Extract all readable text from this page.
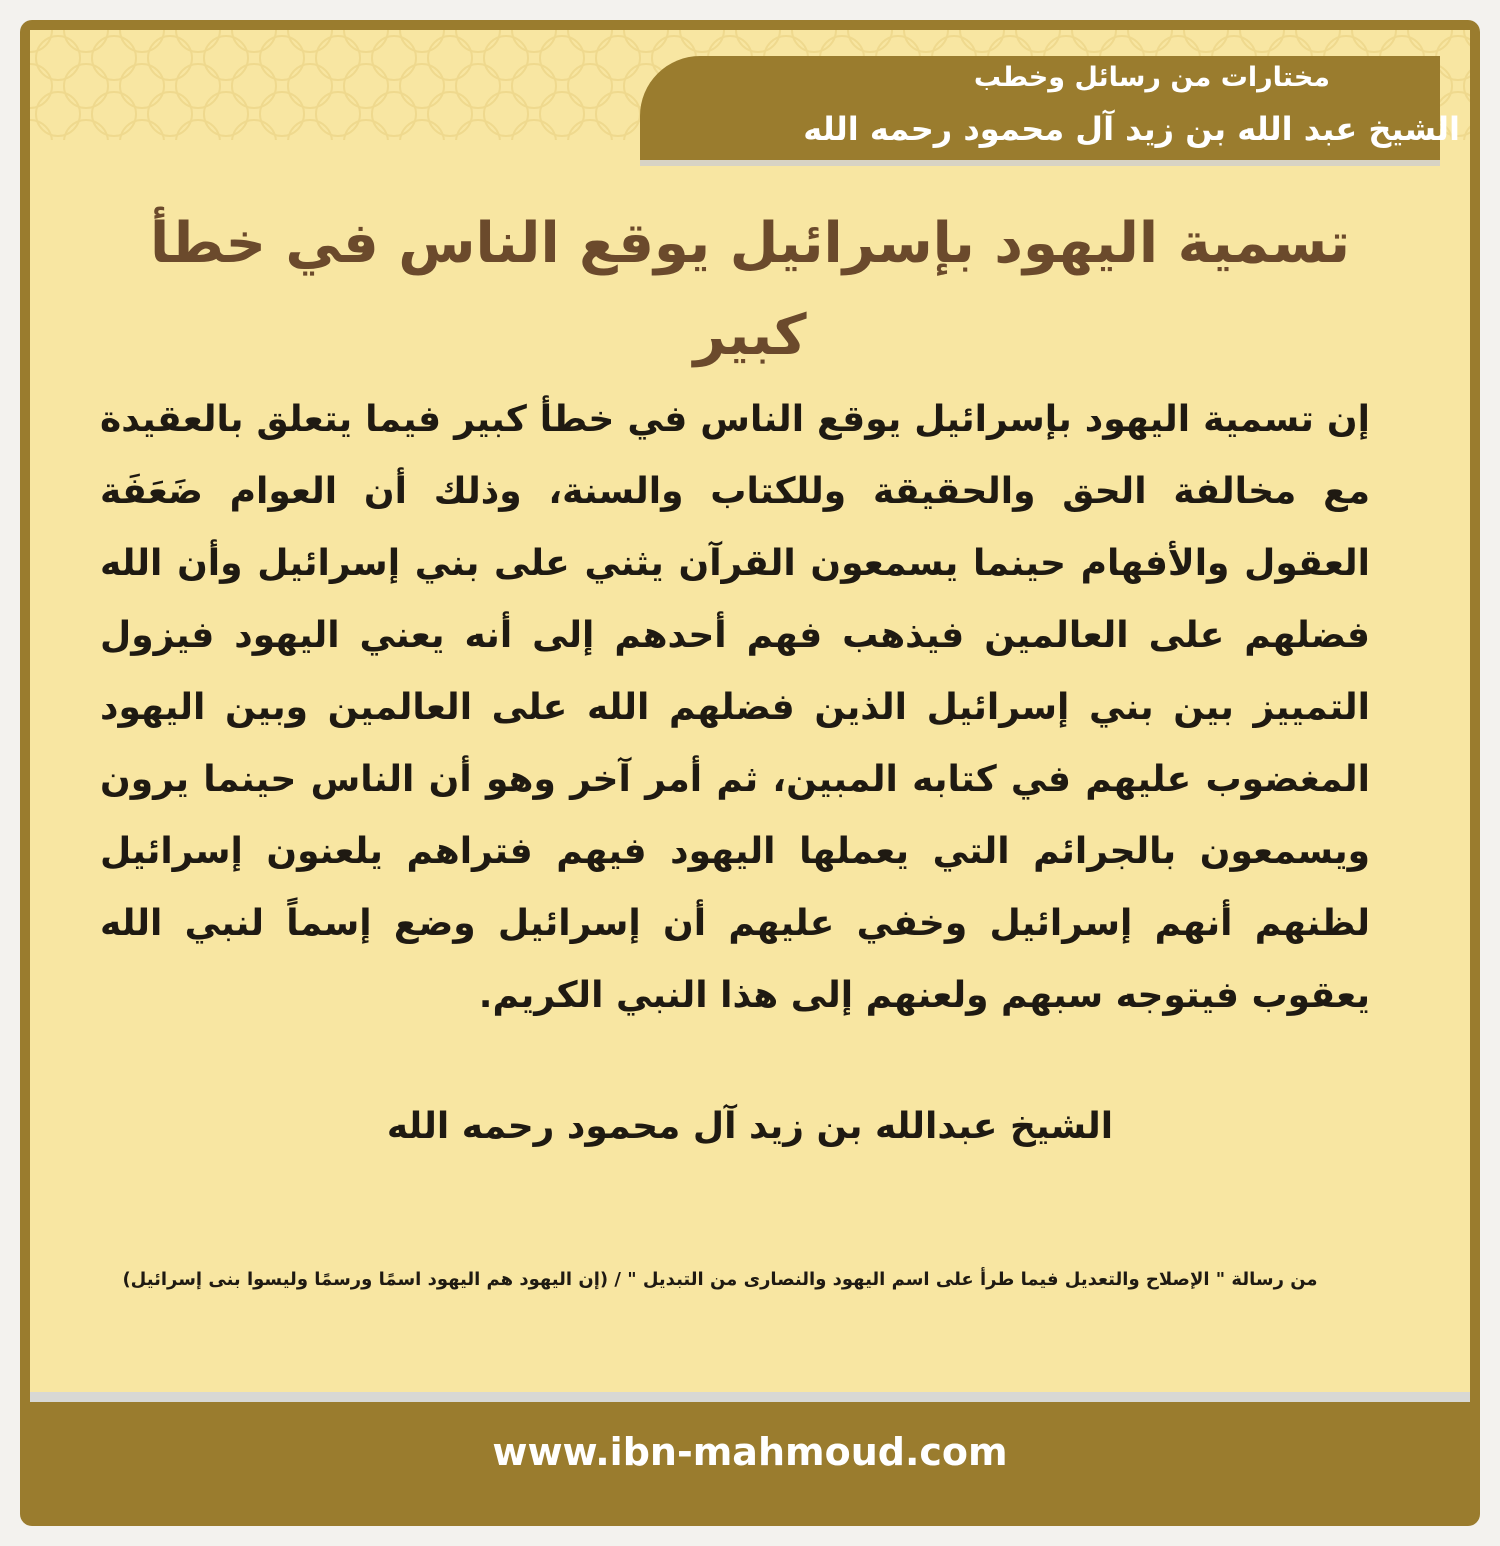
مختارات من رسائل وخطب
الشيخ عبد الله بن زيد آل محمود رحمه الله
تسمية اليهود بإسرائيل يوقع الناس في خطأ كبير
إن تسمية اليهود بإسرائيل يوقع الناس في خطأ كبير فيما يتعلق بالعقيدة مع مخالفة الحق والحقيقة وللكتاب والسنة، وذلك أن العوام ضَعَفَة العقول والأفهام حينما يسمعون القرآن يثني على بني إسرائيل وأن الله فضلهم على العالمين فيذهب فهم أحدهم إلى أنه يعني اليهود فيزول التمييز بين بني إسرائيل الذين فضلهم الله على العالمين وبين اليهود المغضوب عليهم في كتابه المبين، ثم أمر آخر وهو أن الناس حينما يرون ويسمعون بالجرائم التي يعملها اليهود فيهم فتراهم يلعنون إسرائيل لظنهم أنهم إسرائيل وخفي عليهم أن إسرائيل وضع إسماً لنبي الله يعقوب فيتوجه سبهم ولعنهم إلى هذا النبي الكريم.
الشيخ عبدالله بن زيد آل محمود رحمه الله
من رسالة " الإصلاح والتعديل فيما طرأ على اسم اليهود والنصارى من التبديل " / (إن اليهود هم اليهود اسمًا ورسمًا وليسوا بنى إسرائيل)
www.ibn-mahmoud.com
